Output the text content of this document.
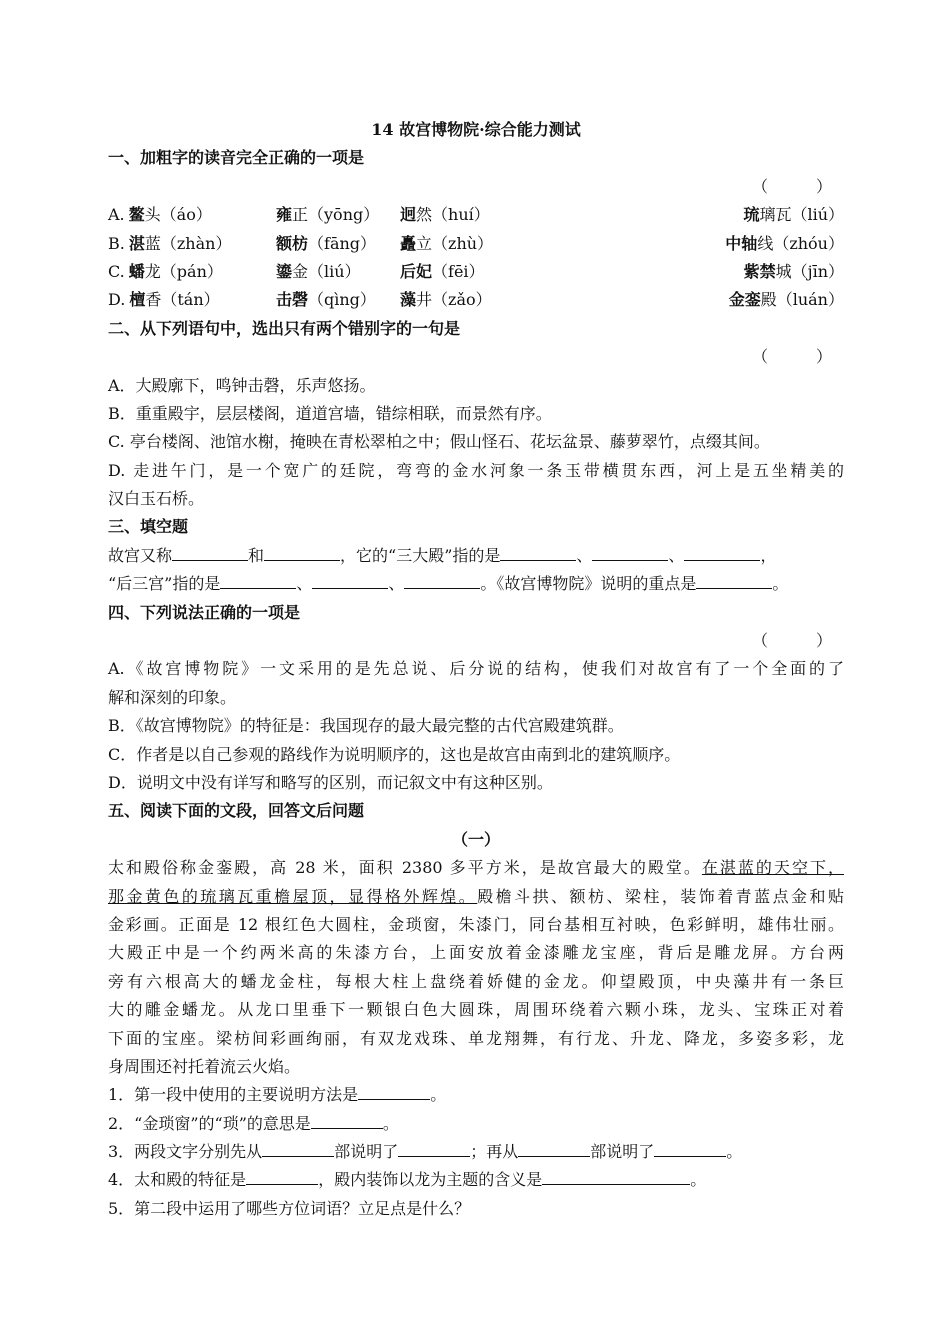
14 故宫博物院·综合能力测试
一、加粗字的读音完全正确的一项是
（　　　）
A. 鳌头（áo）	雍正（yōng）	迥然（huí）	琉璃瓦（liú）
B. 湛蓝（zhàn）	额枋（fāng）	矗立（zhù）	中轴线（zhóu）
C. 蟠龙（pán）	鎏金（liú）	后妃（fēi）	紫禁城（jīn）
D. 檀香（tán）	击磬（qìng）	藻井（zǎo）	金銮殿（luán）
二、从下列语句中，选出只有两个错别字的一句是
（　　　）
A．大殿廓下，鸣钟击磬，乐声悠扬。
B．重重殿宇，层层楼阁，道道宫墙，错综相联，而景然有序。
C. 亭台楼阁、池馆水榭，掩映在青松翠柏之中；假山怪石、花坛盆景、藤萝翠竹，点缀其间。
D. 走进午门，是一个宽广的廷院，弯弯的金水河象一条玉带横贯东西，河上是五坐精美的
汉白玉石桥。
三、填空题
故宫又称	和	，它的“三大殿”指的是	、	、	，
“后三宫”指的是	、	、	。《故宫博物院》说明的重点是	。
四、下列说法正确的一项是
（　　　）
A.《故宫博物院》一文采用的是先总说、后分说的结构，使我们对故宫有了一个全面的了
解和深刻的印象。
B．《故宫博物院》的特征是：我国现存的最大最完整的古代宫殿建筑群。
C．作者是以自己参观的路线作为说明顺序的，这也是故宫由南到北的建筑顺序。
D．说明文中没有详写和略写的区别，而记叙文中有这种区别。
五、阅读下面的文段，回答文后问题
（一）
太和殿俗称金銮殿，高 28 米，面积 2380 多平方米，是故宫最大的殿堂。在湛蓝的天空下，
那金黄色的琉璃瓦重檐屋顶，显得格外辉煌。殿檐斗拱、额枋、梁柱，装饰着青蓝点金和贴
金彩画。正面是 12 根红色大圆柱，金琐窗，朱漆门，同台基相互衬映，色彩鲜明，雄伟壮丽。
大殿正中是一个约两米高的朱漆方台，上面安放着金漆雕龙宝座，背后是雕龙屏。方台两
旁有六根高大的蟠龙金柱，每根大柱上盘绕着娇健的金龙。仰望殿顶，中央藻井有一条巨
大的雕金蟠龙。从龙口里垂下一颗银白色大圆珠，周围环绕着六颗小珠，龙头、宝珠正对着
下面的宝座。梁枋间彩画绚丽，有双龙戏珠、单龙翔舞，有行龙、升龙、降龙，多姿多彩，龙
身周围还衬托着流云火焰。
1．第一段中使用的主要说明方法是	。
2．“金琐窗”的“琐”的意思是	。
3．两段文字分别先从	部说明了	；再从	部说明了	。
4．太和殿的特征是	，殿内装饰以龙为主题的含义是	。
5．第二段中运用了哪些方位词语？立足点是什么？
